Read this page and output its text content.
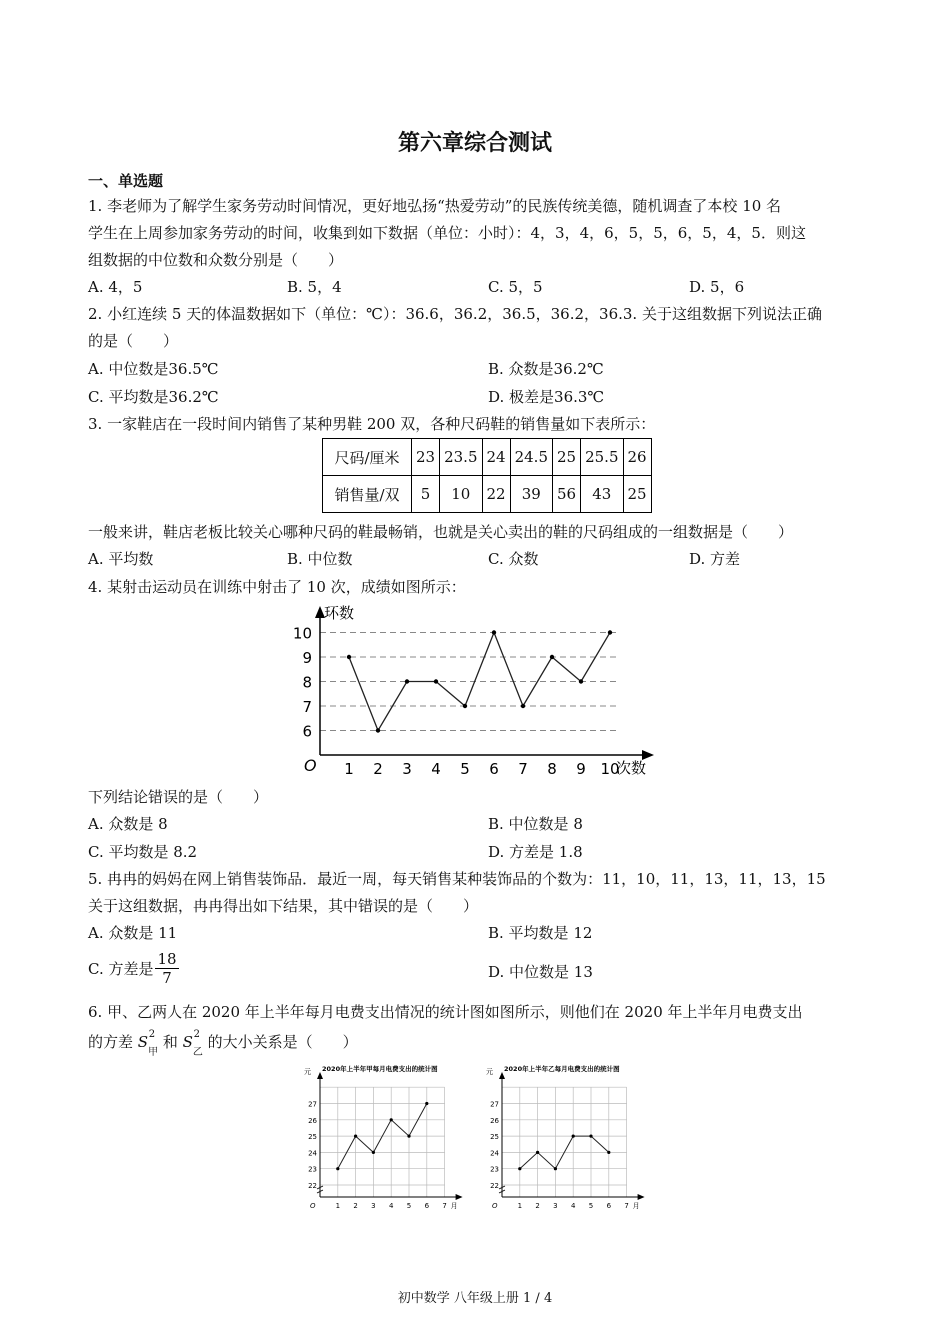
第六章综合测试
一、单选题
1. 李老师为了解学生家务劳动时间情况，更好地弘扬“热爱劳动”的民族传统美德，随机调查了本校 10 名
学生在上周参加家务劳动的时间，收集到如下数据（单位：小时）：4，3，4，6，5，5，6，5，4，5．则这
组数据的中位数和众数分别是（　　）
A. 4，5	B. 5，4	C. 5，5	D. 5，6
2. 小红连续 5 天的体温数据如下（单位：℃）：36.6，36.2，36.5，36.2，36.3. 关于这组数据下列说法正确
的是（　　）
A. 中位数是36.5℃	B. 众数是36.2℃
C. 平均数是36.2℃	D. 极差是36.3℃
3. 一家鞋店在一段时间内销售了某种男鞋 200 双，各种尺码鞋的销售量如下表所示：
尺码/厘米	23	23.5	24	24.5	25	25.5	26
销售量/双	5	10	22	39	56	43	25
一般来讲，鞋店老板比较关心哪种尺码的鞋最畅销，也就是关心卖出的鞋的尺码组成的一组数据是（　　）
A. 平均数	B. 中位数	C. 众数	D. 方差
4. 某射击运动员在训练中射击了 10 次，成绩如图所示：
6
7
8
9
10
环数
次数
O 1 2 3 4 5 6 7 8 9 10
下列结论错误的是（　　）
A. 众数是 8	B. 中位数是 8
C. 平均数是 8.2	D. 方差是 1.8
5. 冉冉的妈妈在网上销售装饰品．最近一周，每天销售某种装饰品的个数为：11，10，11，13，11，13，15
关于这组数据，冉冉得出如下结果，其中错误的是（　　）
A. 众数是 11	B. 平均数是 12
C. 方差是 $\frac{18}{7}$	D. 中位数是 13
6. 甲、乙两人在 2020 年上半年每月电费支出情况的统计图如图所示，则他们在 2020 年上半年月电费支出
的方差 S 2
$_甲$ 和 S 2
$_乙$ 的大小关系是（　　）
2020年上半年甲每月电费支出的统计图
元
22
23
24
25
26
27
1 2 3 4 5 6 7 月
O
2020年上半年乙每月电费支出的统计图
元
22
23
24
25
26
27
1 2 3 4 5 6 7 月
O
初中数学 八年级上册 1 / 4
